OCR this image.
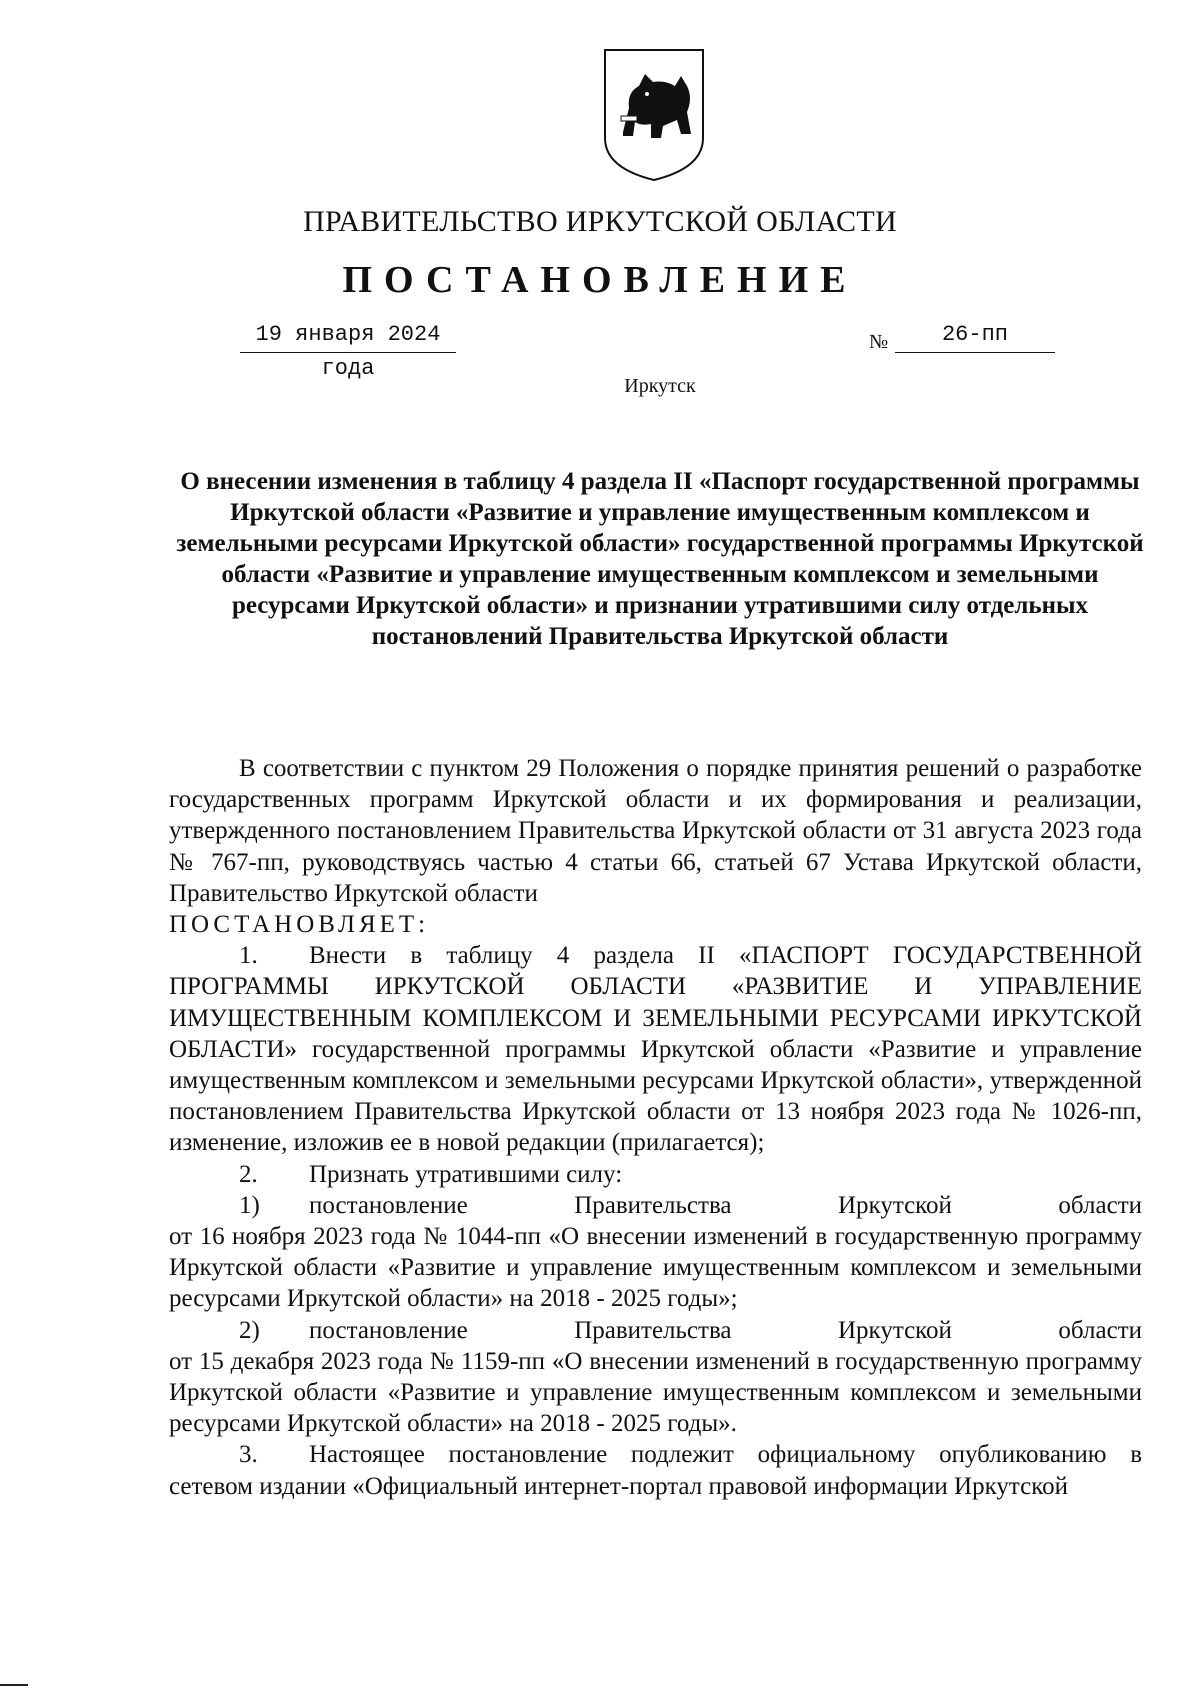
ПРАВИТЕЛЬСТВО ИРКУТСКОЙ ОБЛАСТИ
ПОСТАНОВЛЕНИЕ
19 января 2024 года
№	26-пп
Иркутск
О внесении изменения в таблицу 4 раздела II «Паспорт государственной программы Иркутской области «Развитие и управление имущественным комплексом и земельными ресурсами Иркутской области» государственной программы Иркутской области «Развитие и управление имущественным комплексом и земельными ресурсами Иркутской области» и признании утратившими силу отдельных постановлений Правительства Иркутской области

В соответствии с пунктом 29 Положения о порядке принятия решений о разработке государственных программ Иркутской области и их формирования и реализации, утвержденного постановлением Правительства Иркутской области от 31 августа 2023 года № 767-пп, руководствуясь частью 4 статьи 66, статьей 67 Устава Иркутской области, Правительство Иркутской области

ПОСТАНОВЛЯЕТ:

1. Внести в таблицу 4 раздела II «ПАСПОРТ ГОСУДАРСТВЕННОЙ ПРОГРАММЫ ИРКУТСКОЙ ОБЛАСТИ «РАЗВИТИЕ И УПРАВЛЕНИЕ ИМУЩЕСТВЕННЫМ КОМПЛЕКСОМ И ЗЕМЕЛЬНЫМИ РЕСУРСАМИ ИРКУТСКОЙ ОБЛАСТИ» государственной программы Иркутской области «Развитие и управление имущественным комплексом и земельными ресурсами Иркутской области», утвержденной постановлением Правительства Иркутской области от 13 ноября 2023 года № 1026-пп, изменение, изложив ее в новой редакции (прилагается);

2. Признать утратившими силу:

1) постановление Правительства Иркутской области

от 16 ноября 2023 года № 1044-пп «О внесении изменений в государственную программу Иркутской области «Развитие и управление имущественным комплексом и земельными ресурсами Иркутской области» на 2018 - 2025 годы»;

2) постановление Правительства Иркутской области

от 15 декабря 2023 года № 1159-пп «О внесении изменений в государственную программу Иркутской области «Развитие и управление имущественным комплексом и земельными ресурсами Иркутской области» на 2018 - 2025 годы».

3. Настоящее постановление подлежит официальному опубликованию в сетевом издании «Официальный интернет-портал правовой информации Иркутской
